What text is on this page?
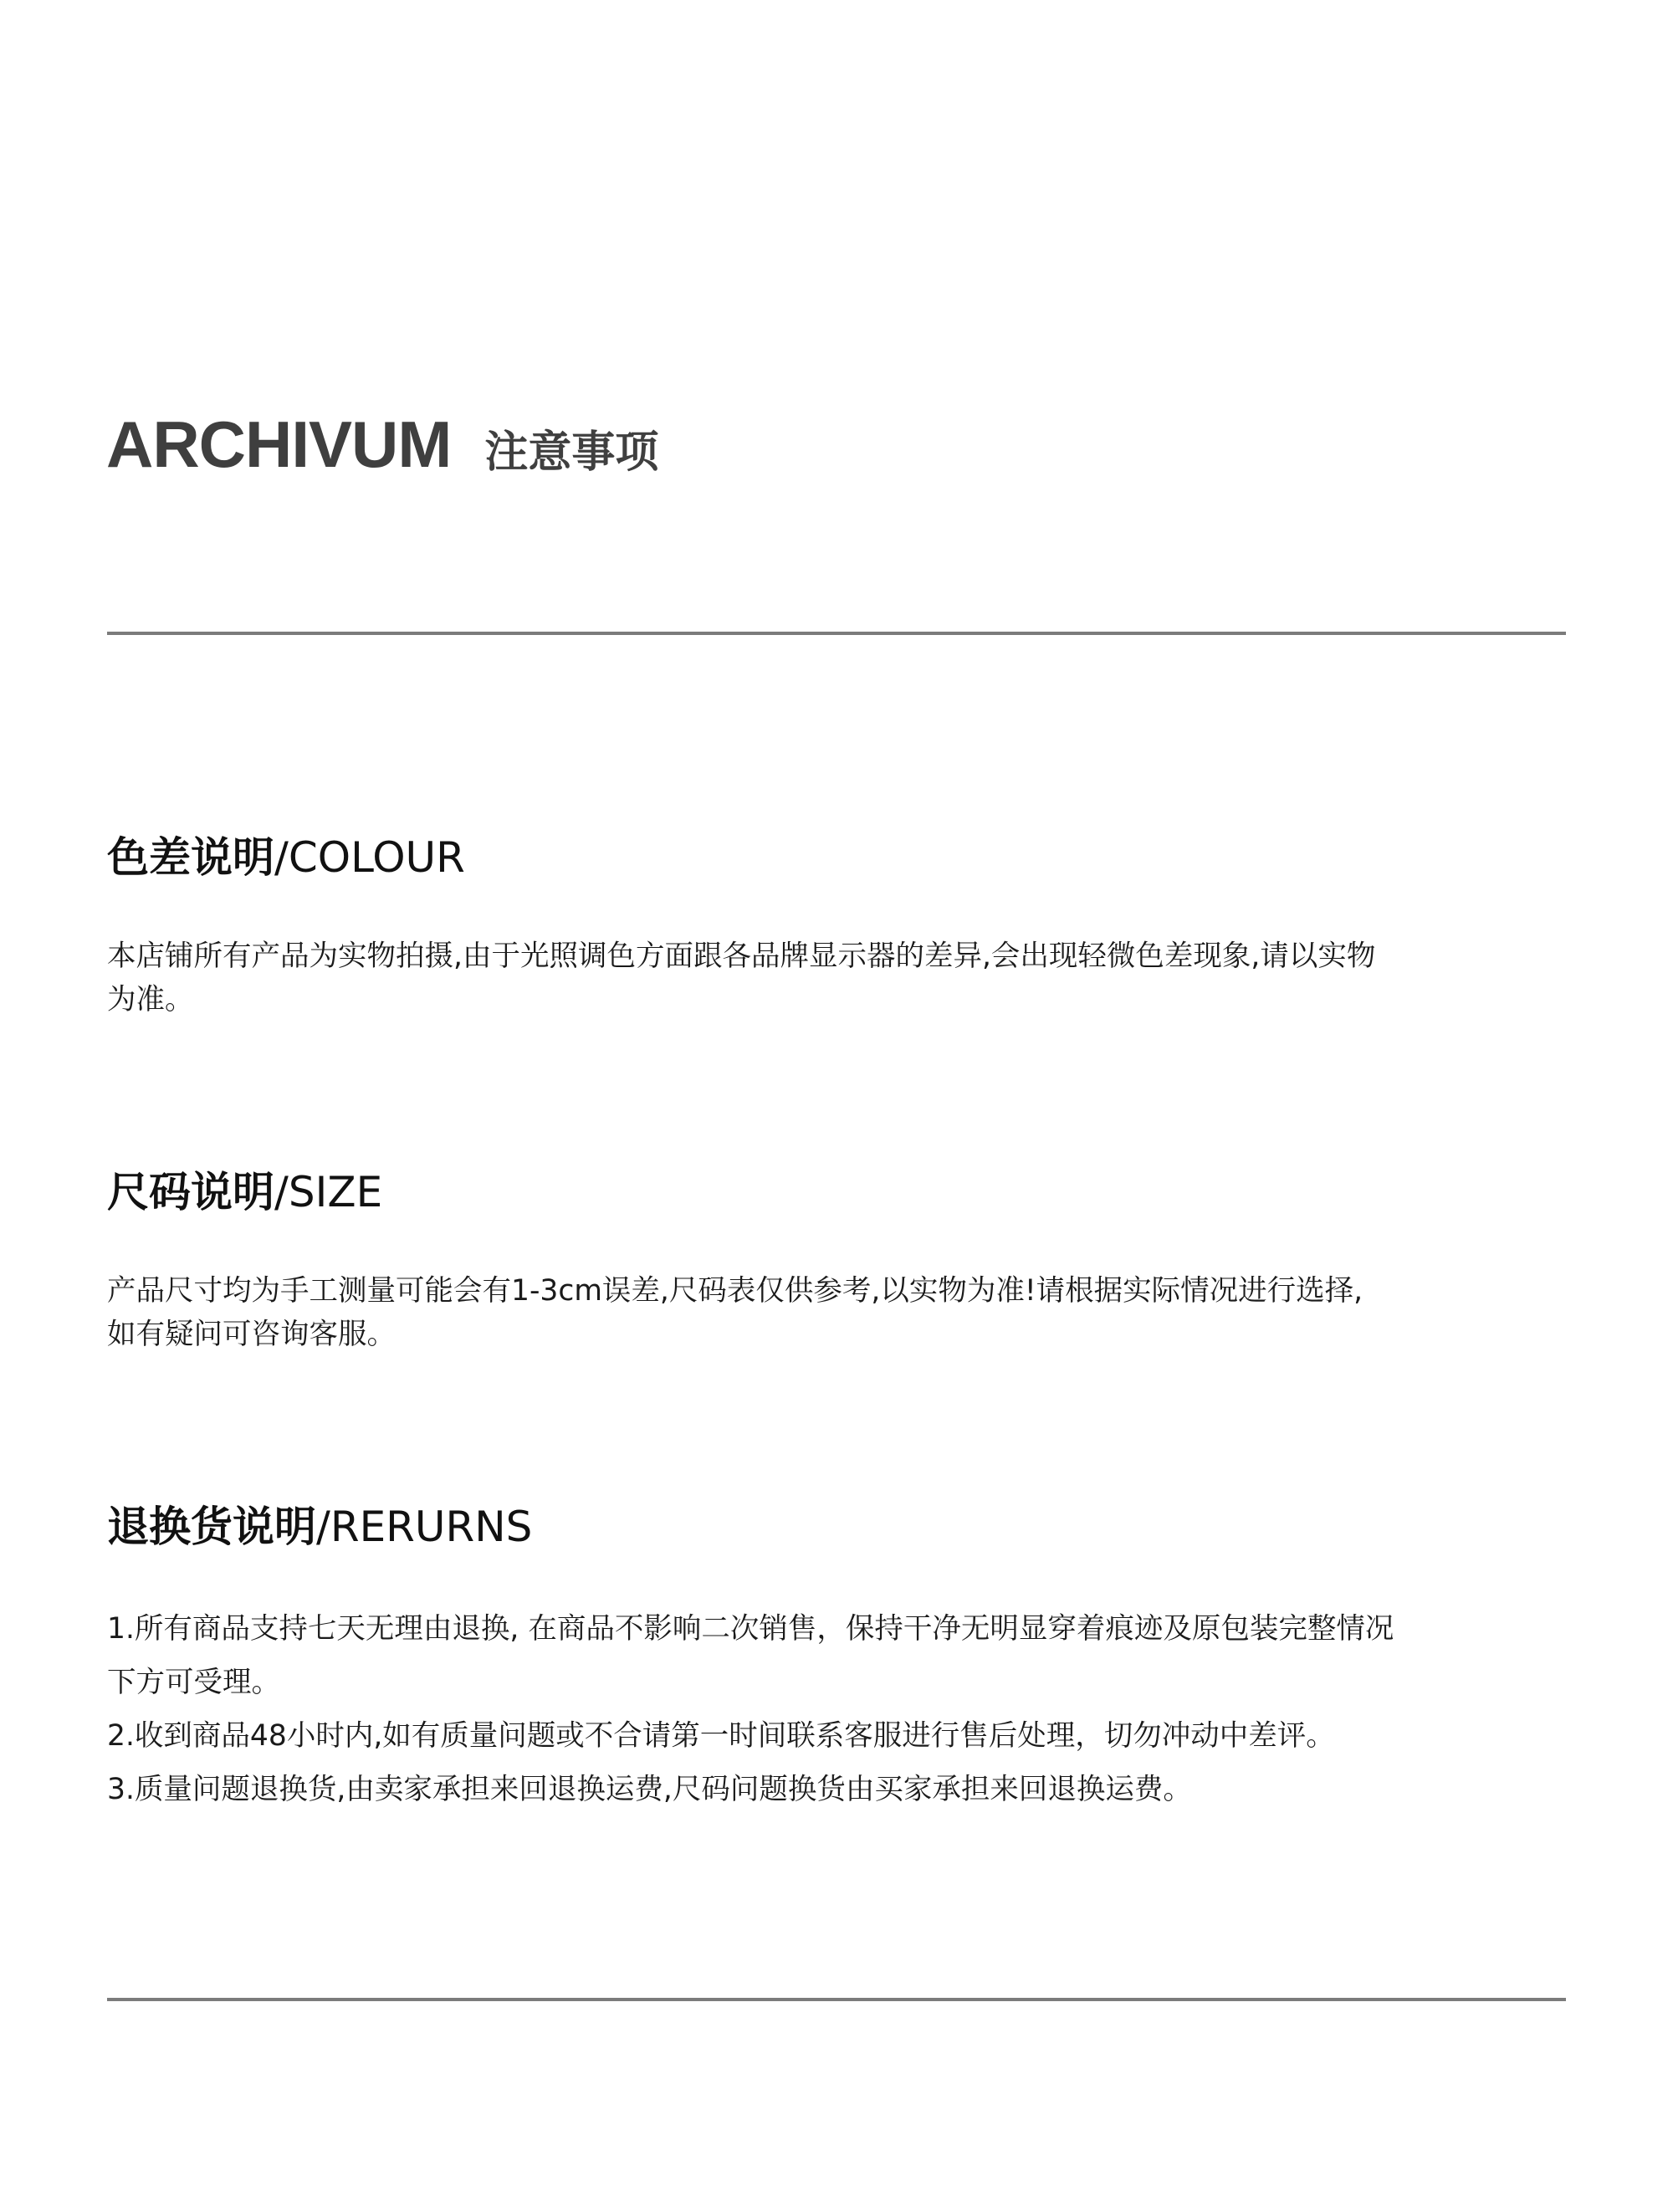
ARCHIVUM 注意事项
色差说明/COLOUR

本店铺所有产品为实物拍摄,由于光照调色方面跟各品牌显示器的差异,会出现轻微色差现象,请以实物
为准。

尺码说明/SIZE

产品尺寸均为手工测量可能会有1-3cm误差,尺码表仅供参考,以实物为准!请根据实际情况进行选择,
如有疑问可咨询客服。

退换货说明/RERURNS

1.所有商品支持七天无理由退换, 在商品不影响二次销售，保持干净无明显穿着痕迹及原包装完整情况

下方可受理。

2.收到商品48小时内,如有质量问题或不合请第一时间联系客服进行售后处理，切勿冲动中差评。

3.质量问题退换货,由卖家承担来回退换运费,尺码问题换货由买家承担来回退换运费。
